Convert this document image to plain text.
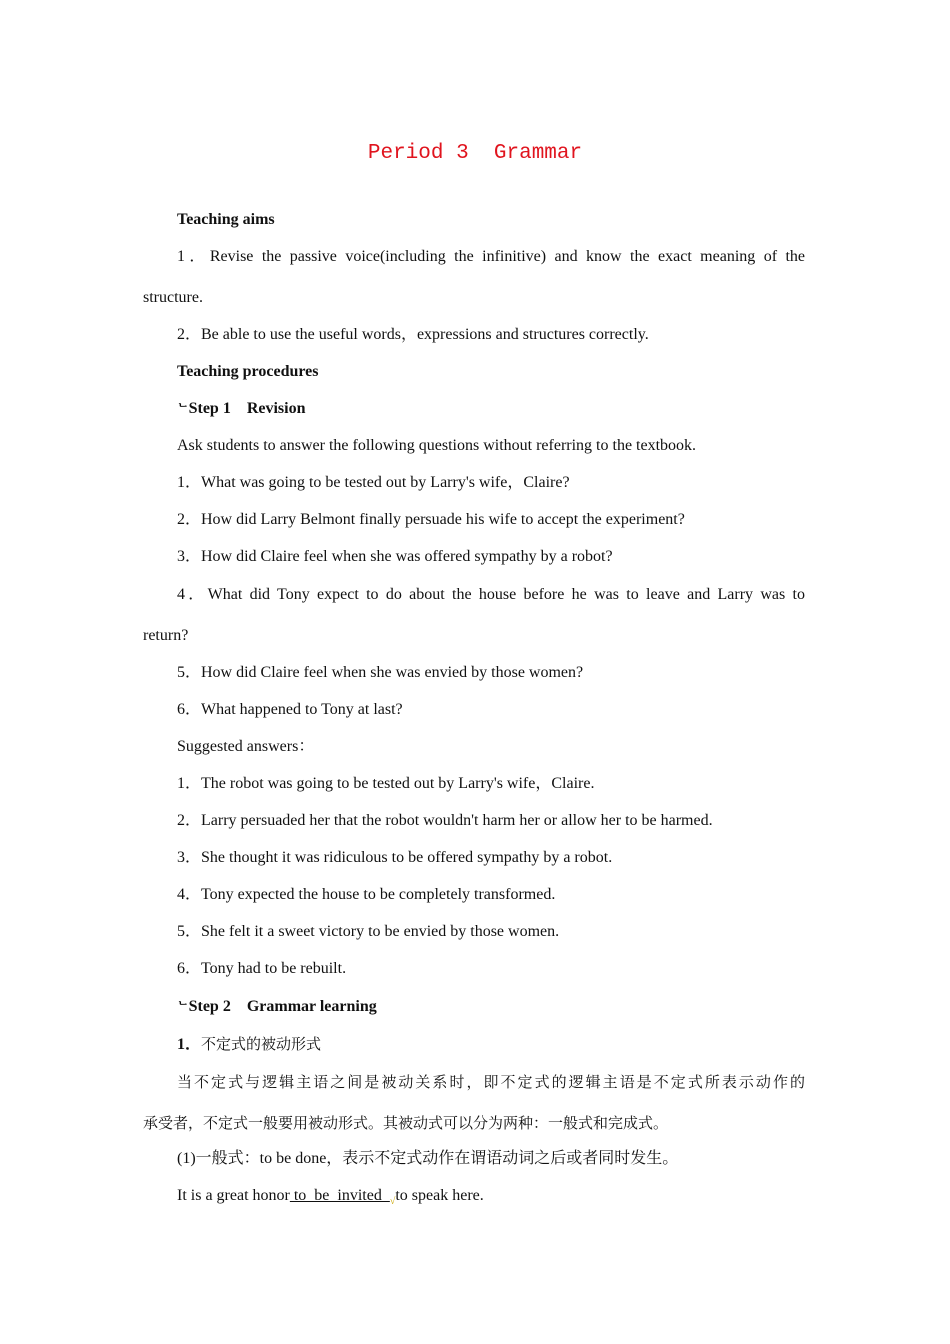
Period 3  Grammar
Teaching aims
1．Revise the passive voice(including the infinitive) and know the exact meaning of the
structure.
2．Be able to use the useful words，expressions and structures correctly.
Teaching procedures
ᄂStep 1    Revision
Ask students to answer the following questions without referring to the textbook.
1．What was going to be tested out by Larry's wife，Claire?
2．How did Larry Belmont finally persuade his wife to accept the experiment?
3．How did Claire feel when she was offered sympathy by a robot?
4．What did Tony expect to do about the house before he was to leave and Larry was to
return?
5．How did Claire feel when she was envied by those women?
6．What happened to Tony at last?
Suggested answers：
1．The robot was going to be tested out by Larry's wife，Claire.
2．Larry persuaded her that the robot wouldn't harm her or allow her to be harmed.
3．She thought it was ridiculous to be offered sympathy by a robot.
4．Tony expected the house to be completely transformed.
5．She felt it a sweet victory to be envied by those women.
6．Tony had to be rebuilt.
ᄂStep 2    Grammar learning
1．不定式的被动形式
当不定式与逻辑主语之间是被动关系时，即不定式的逻辑主语是不定式所表示动作的
承受者，不定式一般要用被动形式。其被动式可以分为两种：一般式和完成式。
(1)一般式：to be done，表示不定式动作在谓语动词之后或者同时发生。
It is a great honor to  be  invited  $_√$to speak here.
